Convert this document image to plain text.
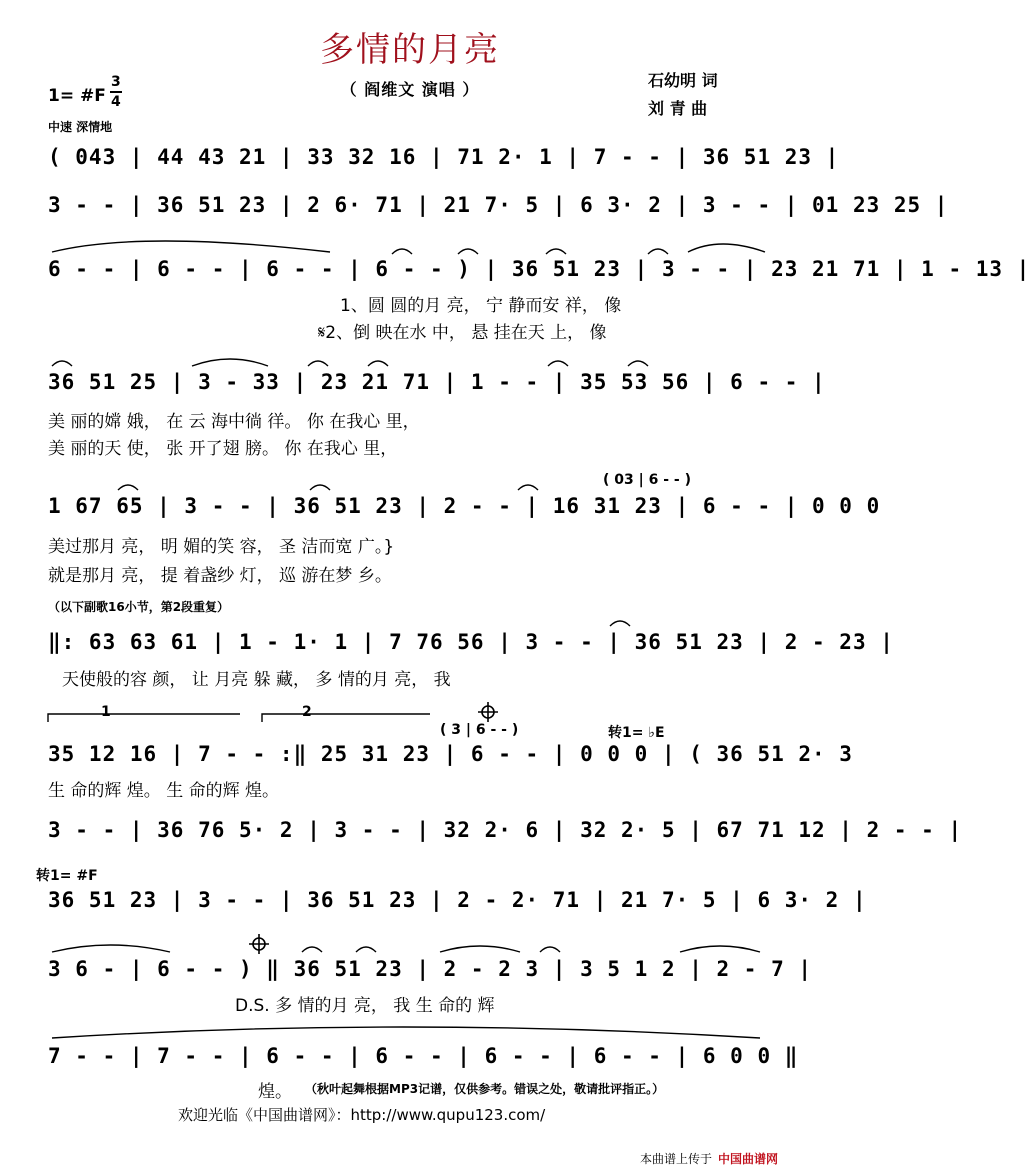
多情的月亮
（ 阎维文 演唱 ）	石幼明 词
刘 青 曲
1= #F
3
4
中速 深情地
( 043 | 44 43 21 | 33 32 16 | 71 2· 1 | 7 - - | 36 51 23 |
3 - - | 36 51 23 | 2 6· 71 | 21 7· 5 | 6 3· 2 | 3 - - | 01 23 25 |
6 - - | 6 - - | 6 - - | 6 - - ) | 36 51 23 | 3 - - | 23 21 71 | 1 - 13 |
1、圆 圆的月 亮， 宁 静而安 祥， 像
𝄋2、倒 映在水 中， 悬 挂在天 上， 像
36 51 25 | 3 - 33 | 23 21 71 | 1 - - | 35 53 56 | 6 - - |
美 丽的嫦 娥， 在 云 海中徜 徉。 你 在我心 里，
美 丽的天 使， 张 开了翅 膀。 你 在我心 里，
( 03 | 6 - - )
1 67 65 | 3 - - | 36 51 23 | 2 - - | 16 31 23 | 6 - - | 0 0 0
美过那月 亮， 明 媚的笑 容， 圣 洁而宽 广。}
就是那月 亮， 提 着盏纱 灯， 巡 游在梦 乡。
（以下副歌16小节，第2段重复）
‖: 63 63 61 | 1 - 1· 1 | 7 76 56 | 3 - - | 36 51 23 | 2 - 23 |
天使般的容 颜， 让 月亮 躲 藏， 多 情的月 亮， 我
1	2
( 3 | 6 - - )	转1= ♭E
35 12 16 | 7 - - :‖ 25 31 23 | 6 - - | 0 0 0 | ( 36 51 2· 3
生 命的辉 煌。 生 命的辉 煌。
3 - - | 36 76 5· 2 | 3 - - | 32 2· 6 | 32 2· 5 | 67 71 12 | 2 - - |
转1= #F
36 51 23 | 3 - - | 36 51 23 | 2 - 2· 71 | 21 7· 5 | 6 3· 2 |
3 6 - | 6 - - ) ‖ 36 51 23 | 2 - 2 3 | 3 5 1 2 | 2 - 7 |
D.S. 多 情的月 亮， 我 生 命的 辉
7 - - | 7 - - | 6 - - | 6 - - | 6 - - | 6 - - | 6 0 0 ‖
煌。 （秋叶起舞根据MP3记谱，仅供参考。错误之处，敬请批评指正。）
欢迎光临《中国曲谱网》：http://www.qupu123.com/
本曲谱上传于 中国曲谱网
